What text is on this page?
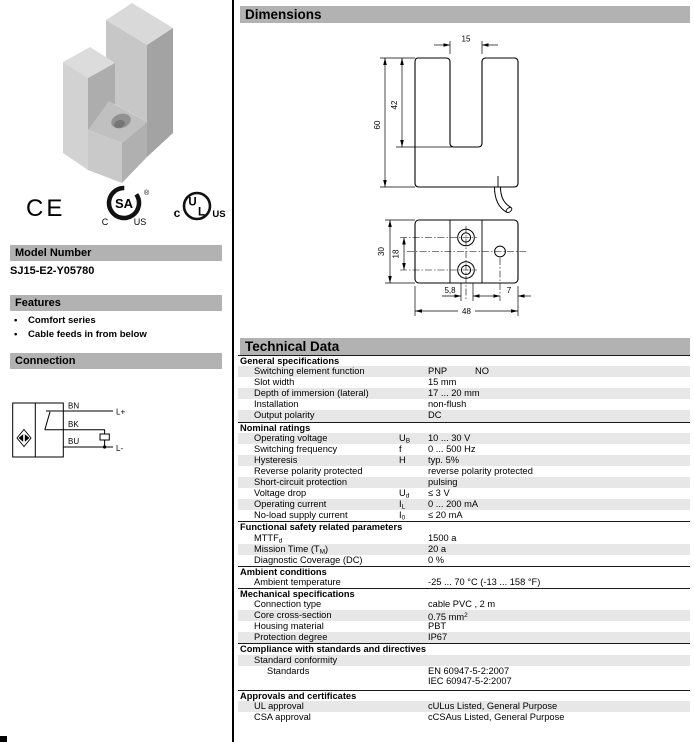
CE	SA
®
C	US
U
L
c	US
Model Number
SJ15-E2-Y05780
Features
• Comfort series
• Cable feeds in from below
Connection
BN
BK
BU
L+
L-
Dimensions
15
60
42
30 18
5,8	7
48
Technical Data
General specifications
Switching element function	PNP	NO
Slot width	15 mm
Depth of immersion (lateral)	17 ... 20 mm
Installation	non-flush
Output polarity	DC
Nominal ratings
Operating voltage	$U_B$ 10 ... 30 V
Switching frequency	f	0 ... 500 Hz
Hysteresis	H typ. 5%
Reverse polarity protected	reverse polarity protected
Short-circuit protection	pulsing
Voltage drop	$U_d \le 3$ V
Operating current	$I_L$ 0 ... 200 mA
No-load supply current	$I_0 \le 20$ mA
Functional safety related parameters
$MTTF_d$	1500 a
Mission Time $(T_M)$	20 a
Diagnostic Coverage (DC)	0 %
Ambient conditions
Ambient temperature	-25 ... 70 °C (-13 ... 158 °F)
Mechanical specifications
Connection type	cable PVC , 2 m
Core cross-section	0.75 $mm^2$
Housing material	PBT
Protection degree	IP67
Compliance with standards and directives
Standard conformity
Standards	EN 60947-5-2:2007
IEC 60947-5-2:2007
Approvals and certificates
UL approval	cULus Listed, General Purpose
CSA approval	cCSAus Listed, General Purpose
